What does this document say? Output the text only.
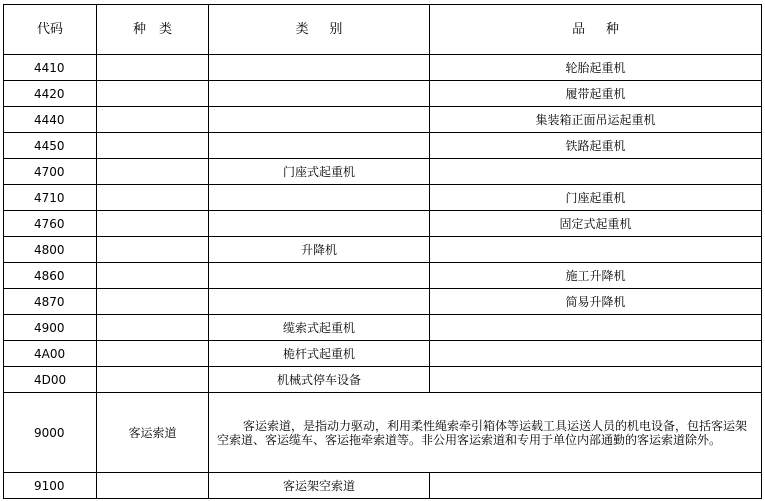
代码	种 类	类 别	品 种
4410			轮胎起重机
4420			履带起重机
4440			集装箱正面吊运起重机
4450			铁路起重机
4700		门座式起重机	
4710			门座起重机
4760			固定式起重机
4800		升降机	
4860			施工升降机
4870			简易升降机
4900		缆索式起重机	
4A00		桅杆式起重机	
4D00		机械式停车设备	
9000	客运索道	客运索道，是指动力驱动，利用柔性绳索牵引箱体等运载工具运送人员的机电设备，包括客运架空索道、客运缆车、客运拖牵索道等。非公用客运索道和专用于单位内部通勤的客运索道除外。	
9100		客运架空索道	
